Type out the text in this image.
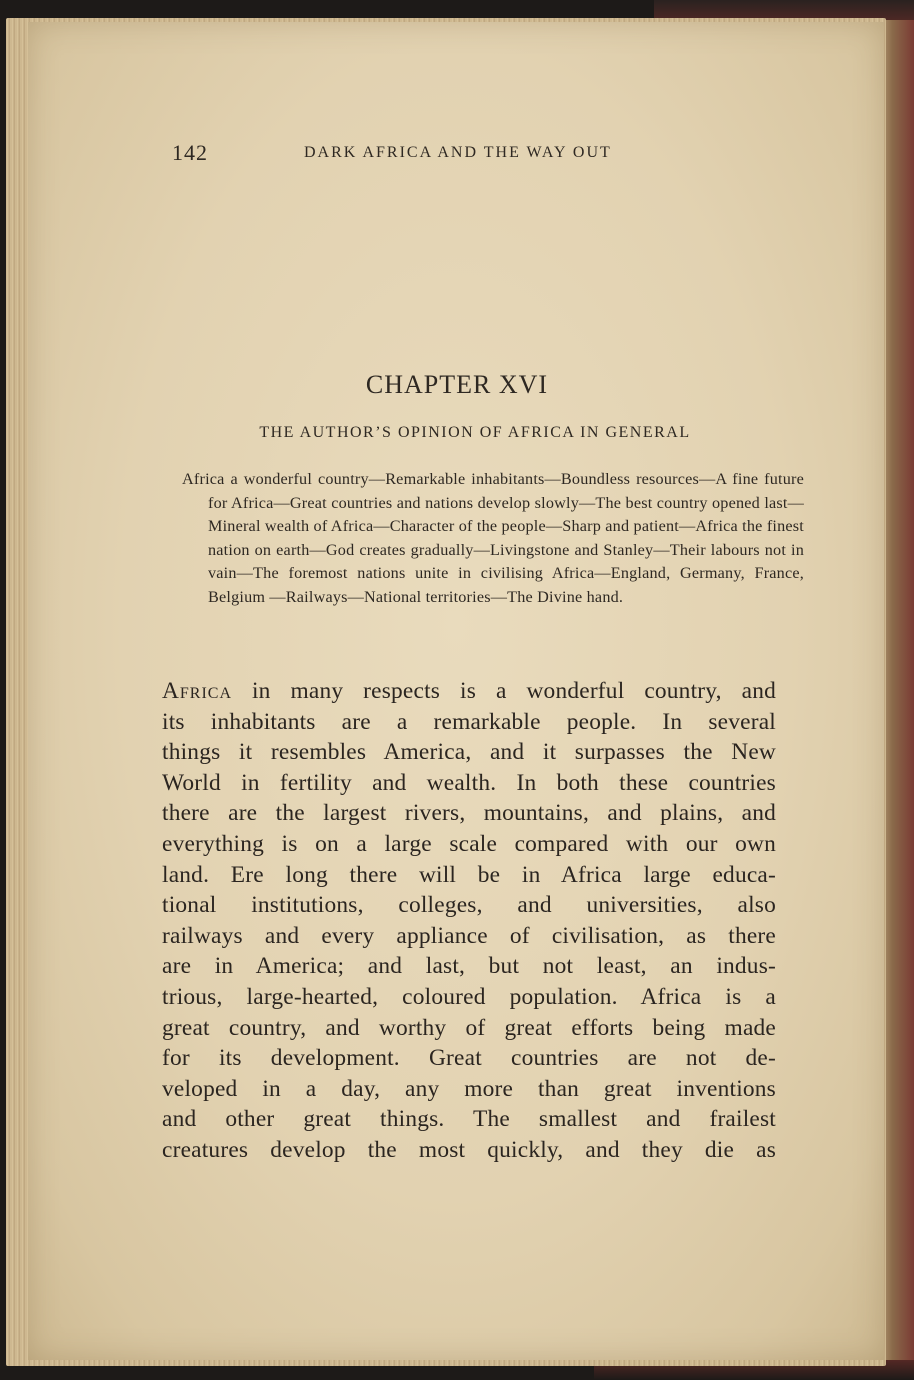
142	DARK AFRICA AND THE WAY OUT
CHAPTER XVI
THE AUTHOR’S OPINION OF AFRICA IN GENERAL
Africa a wonderful country—Remarkable inhabitants—Boundless resources—A fine future for Africa—Great countries and nations develop slowly—The best country opened last—Mineral wealth of Africa—Character of the people—Sharp and patient—Africa the finest nation on earth—God creates gradually—Livingstone and Stanley—Their labours not in vain—The foremost nations unite in civilising Africa—England, Germany, France, Belgium —Railways—National territories—The Divine hand.
Africa in many respects is a wonderful country, and
its inhabitants are a remarkable people. In several
things it resembles America, and it surpasses the New
World in fertility and wealth. In both these countries
there are the largest rivers, mountains, and plains, and
everything is on a large scale compared with our own
land. Ere long there will be in Africa large educa-
tional institutions, colleges, and universities, also
railways and every appliance of civilisation, as there
are in America; and last, but not least, an indus-
trious, large-hearted, coloured population. Africa is a
great country, and worthy of great efforts being made
for its development. Great countries are not de-
veloped in a day, any more than great inventions
and other great things. The smallest and frailest
creatures develop the most quickly, and they die as
